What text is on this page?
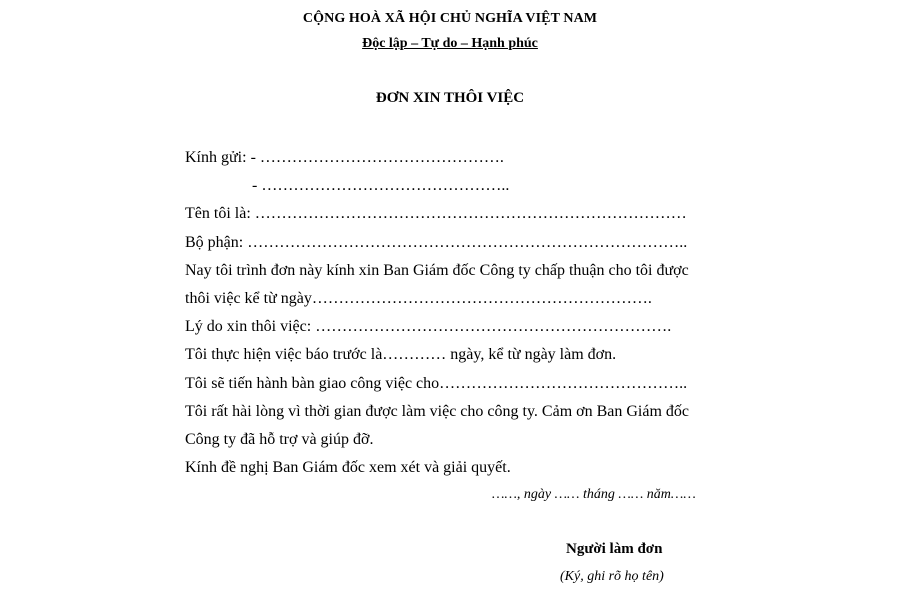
CỘNG HOÀ XÃ HỘI CHỦ NGHĨA VIỆT NAM
Độc lập – Tự do – Hạnh phúc
ĐƠN XIN THÔI VIỆC
Kính gửi: - ……………………………………….
- ………………………………………..
Tên tôi là: ………………………………………………………………………
Bộ phận: ………………………………………………………………………..
Nay tôi trình đơn này kính xin Ban Giám đốc Công ty chấp thuận cho tôi được
thôi việc kể từ ngày……………………………………………………….
Lý do xin thôi việc: ………………………………………………………….
Tôi thực hiện việc báo trước là………… ngày, kể từ ngày làm đơn.
Tôi sẽ tiến hành bàn giao công việc cho………………………………………..
Tôi rất hài lòng vì thời gian được làm việc cho công ty. Cảm ơn Ban Giám đốc
Công ty đã hỗ trợ và giúp đỡ.
Kính đề nghị Ban Giám đốc xem xét và giải quyết.
……, ngày …… tháng …… năm……
Người làm đơn
(Ký, ghi rõ họ tên)
